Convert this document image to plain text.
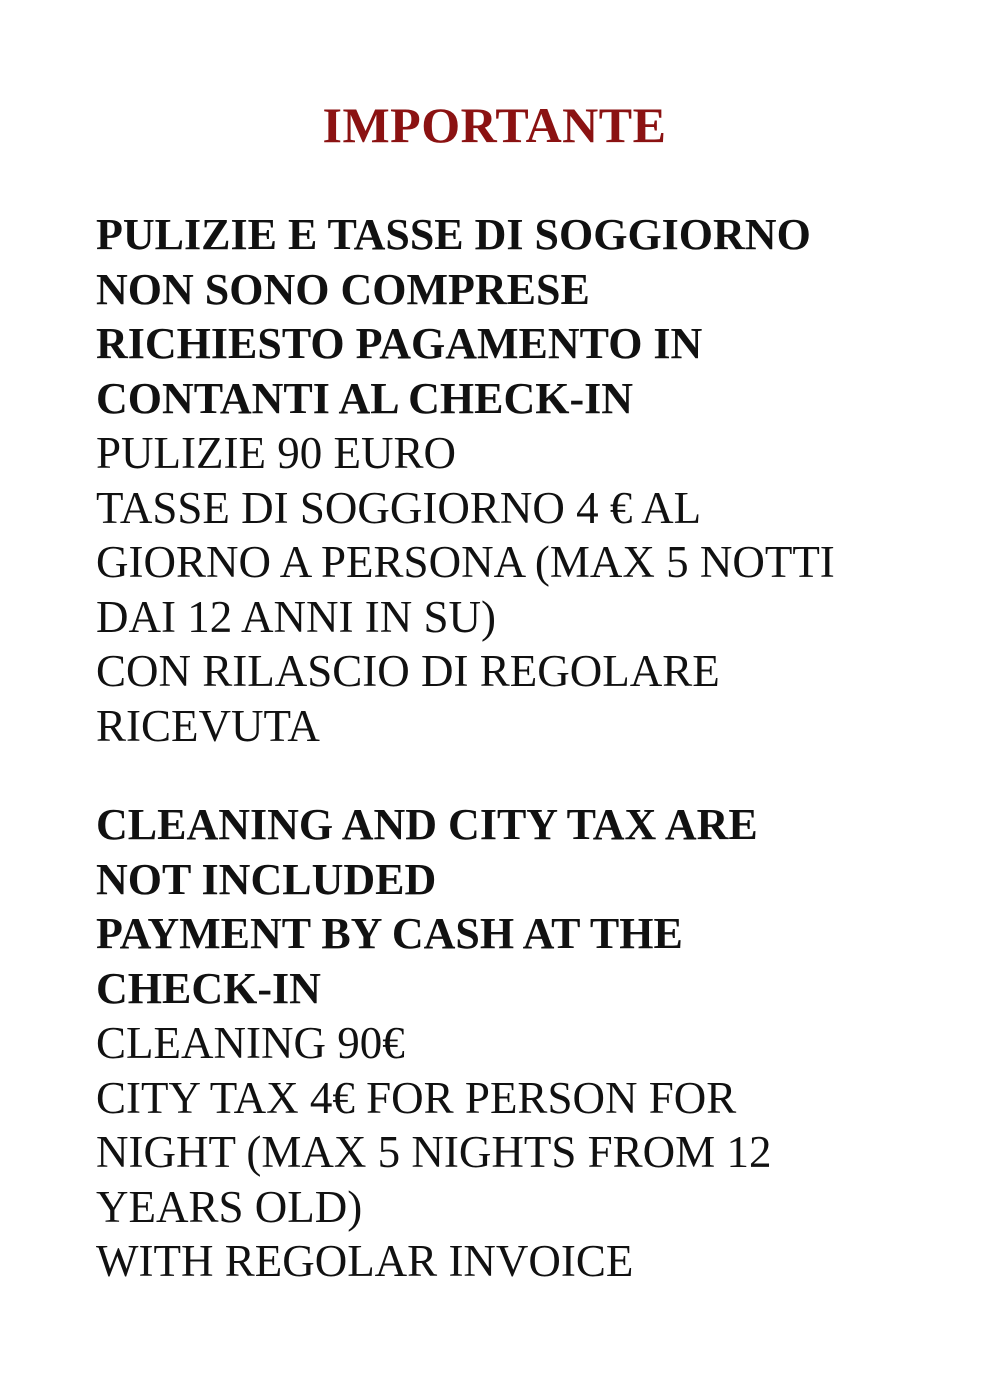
IMPORTANTE
PULIZIE E TASSE DI SOGGIORNO
NON SONO COMPRESE
RICHIESTO PAGAMENTO IN
CONTANTI AL CHECK-IN
PULIZIE 90 EURO
TASSE DI SOGGIORNO 4 € AL
GIORNO A PERSONA (MAX 5 NOTTI
DAI 12 ANNI IN SU)
CON RILASCIO DI REGOLARE
RICEVUTA
CLEANING AND CITY TAX ARE
NOT INCLUDED
PAYMENT BY CASH AT THE
CHECK-IN
CLEANING 90€
CITY TAX 4€ FOR PERSON FOR
NIGHT (MAX 5 NIGHTS FROM 12
YEARS OLD)
WITH REGOLAR INVOICE
